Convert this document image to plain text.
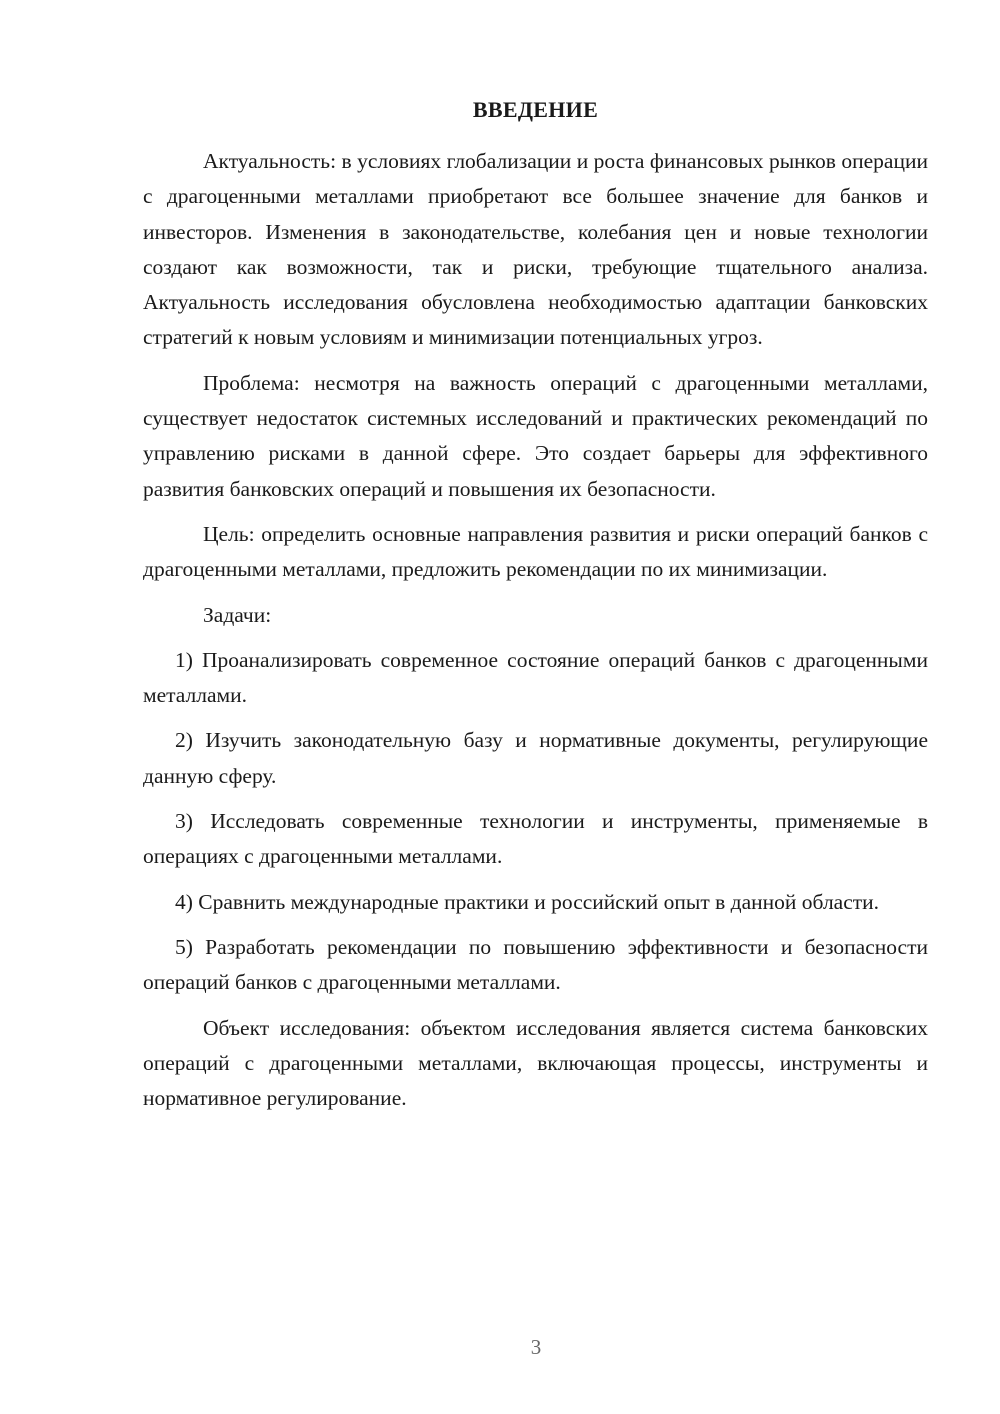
ВВЕДЕНИЕ

Актуальность: в условиях глобализации и роста финансовых рынков операции с драгоценными металлами приобретают все большее значение для банков и инвесторов. Изменения в законодательстве, колебания цен и новые технологии создают как возможности, так и риски, требующие тщательного анализа. Актуальность исследования обусловлена необходимостью адаптации банковских стратегий к новым условиям и минимизации потенциальных угроз.

Проблема: несмотря на важность операций с драгоценными металлами, существует недостаток системных исследований и практических рекомендаций по управлению рисками в данной сфере. Это создает барьеры для эффективного развития банковских операций и повышения их безопасности.

Цель: определить основные направления развития и риски операций банков с драгоценными металлами, предложить рекомендации по их минимизации.

Задачи:

1) Проанализировать современное состояние операций банков с драгоценными металлами.

2) Изучить законодательную базу и нормативные документы, регулирующие данную сферу.

3) Исследовать современные технологии и инструменты, применяемые в операциях с драгоценными металлами.

4) Сравнить международные практики и российский опыт в данной области.

5) Разработать рекомендации по повышению эффективности и безопасности операций банков с драгоценными металлами.

Объект исследования: объектом исследования является система банковских операций с драгоценными металлами, включающая процессы, инструменты и нормативное регулирование.

3
